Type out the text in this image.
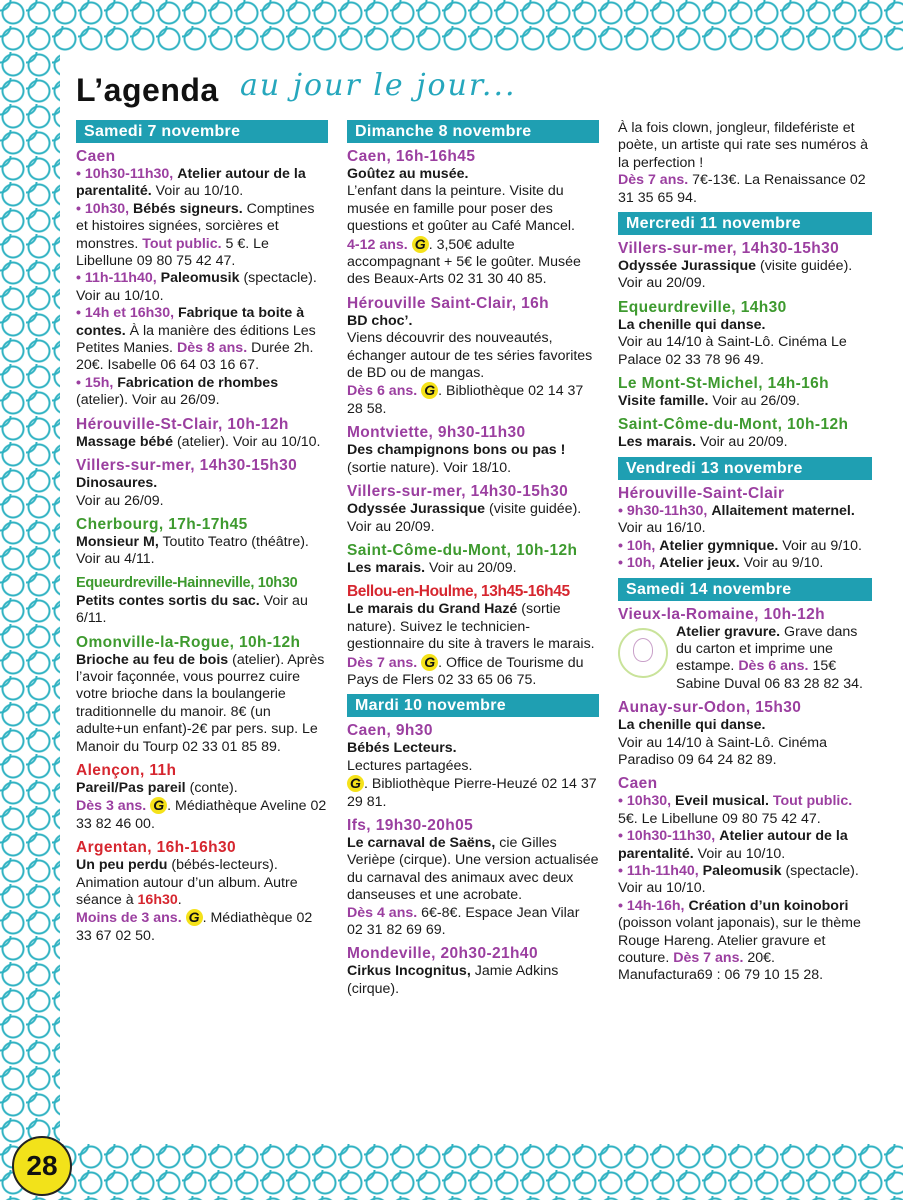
L’agenda au jour le jour...
Samedi 7 novembre
Caen
• 10h30-11h30, Atelier autour de la parentalité. Voir au 10/10.
• 10h30, Bébés signeurs. Comptines et histoires signées, sorcières et monstres. Tout public. 5 €. Le Libellune 09 80 75 42 47.
• 11h-11h40, Paleomusik (spectacle). Voir au 10/10.
• 14h et 16h30, Fabrique ta boite à contes. À la manière des éditions Les Petites Manies. Dès 8 ans. Durée 2h. 20€. Isabelle 06 64 03 16 67.
• 15h, Fabrication de rhombes (atelier). Voir au 26/09.
Hérouville-St-Clair, 10h-12h
Massage bébé (atelier). Voir au 10/10.
Villers-sur-mer, 14h30-15h30
Dinosaures.
Voir au 26/09.
Cherbourg, 17h-17h45
Monsieur M, Toutito Teatro (théâtre). Voir au 4/11.
Equeurdreville-Hainneville, 10h30
Petits contes sortis du sac. Voir au 6/11.
Omonville-la-Rogue, 10h-12h
Brioche au feu de bois (atelier). Après l’avoir façonnée, vous pourrez cuire votre brioche dans la boulangerie traditionnelle du manoir. 8€ (un adulte+un enfant)-2€ par pers. sup. Le Manoir du Tourp 02 33 01 85 89.
Alençon, 11h
Pareil/Pas pareil (conte).
Dès 3 ans. G . Médiathèque Aveline 02 33 82 46 00.
Argentan, 16h-16h30
Un peu perdu (bébés-lecteurs). Animation autour d’un album. Autre séance à 16h30.
Moins de 3 ans. G . Médiathèque 02 33 67 02 50.
Dimanche 8 novembre
Caen, 16h-16h45
Goûtez au musée.
L’enfant dans la peinture. Visite du musée en famille pour poser des questions et goûter au Café Mancel.
4-12 ans. G . 3,50€ adulte accompagnant + 5€ le goûter. Musée des Beaux-Arts 02 31 30 40 85.
Hérouville Saint-Clair, 16h
BD choc’.
Viens découvrir des nouveautés, échanger autour de tes séries favorites de BD ou de mangas.
Dès 6 ans. G . Bibliothèque 02 14 37 28 58.
Montviette, 9h30-11h30
Des champignons bons ou pas !
(sortie nature). Voir 18/10.
Villers-sur-mer, 14h30-15h30
Odyssée Jurassique (visite guidée). Voir au 20/09.
Saint-Côme-du-Mont, 10h-12h
Les marais. Voir au 20/09.
Bellou-en-Houlme, 13h45-16h45
Le marais du Grand Hazé (sortie nature). Suivez le technicien-gestionnaire du site à travers le marais.
Dès 7 ans. G . Office de Tourisme du Pays de Flers 02 33 65 06 75.
Mardi 10 novembre
Caen, 9h30
Bébés Lecteurs.
Lectures partagées.
G . Bibliothèque Pierre-Heuzé 02 14 37 29 81.
Ifs, 19h30-20h05
Le carnaval de Saëns, cie Gilles Verièpe (cirque). Une version actualisée du carnaval des animaux avec deux danseuses et une acrobate.
Dès 4 ans. 6€-8€. Espace Jean Vilar 02 31 82 69 69.
Mondeville, 20h30-21h40
Cirkus Incognitus, Jamie Adkins (cirque).
À la fois clown, jongleur, fildefériste et poète, un artiste qui rate ses numéros à la perfection !
Dès 7 ans. 7€-13€. La Renaissance 02 31 35 65 94.
Mercredi 11 novembre
Villers-sur-mer, 14h30-15h30
Odyssée Jurassique (visite guidée). Voir au 20/09.
Equeurdreville, 14h30
La chenille qui danse.
Voir au 14/10 à Saint-Lô. Cinéma Le Palace 02 33 78 96 49.
Le Mont-St-Michel, 14h-16h
Visite famille. Voir au 26/09.
Saint-Côme-du-Mont, 10h-12h
Les marais. Voir au 20/09.
Vendredi 13 novembre
Hérouville-Saint-Clair
• 9h30-11h30, Allaitement maternel. Voir au 16/10.
• 10h, Atelier gymnique. Voir au 9/10.
• 10h, Atelier jeux. Voir au 9/10.
Samedi 14 novembre
Vieux-la-Romaine, 10h-12h
Atelier gravure. Grave dans du carton et imprime une estampe. Dès 6 ans. 15€ Sabine Duval 06 83 28 82 34.
Aunay-sur-Odon, 15h30
La chenille qui danse.
Voir au 14/10 à Saint-Lô. Cinéma Paradiso 09 64 24 82 89.
Caen
• 10h30, Eveil musical. Tout public. 5€. Le Libellune 09 80 75 42 47.
• 10h30-11h30, Atelier autour de la parentalité. Voir au 10/10.
• 11h-11h40, Paleomusik (spectacle). Voir au 10/10.
• 14h-16h, Création d’un koinobori (poisson volant japonais), sur le thème Rouge Hareng. Atelier gravure et couture. Dès 7 ans. 20€. Manufactura69 : 06 79 10 15 28.
28
